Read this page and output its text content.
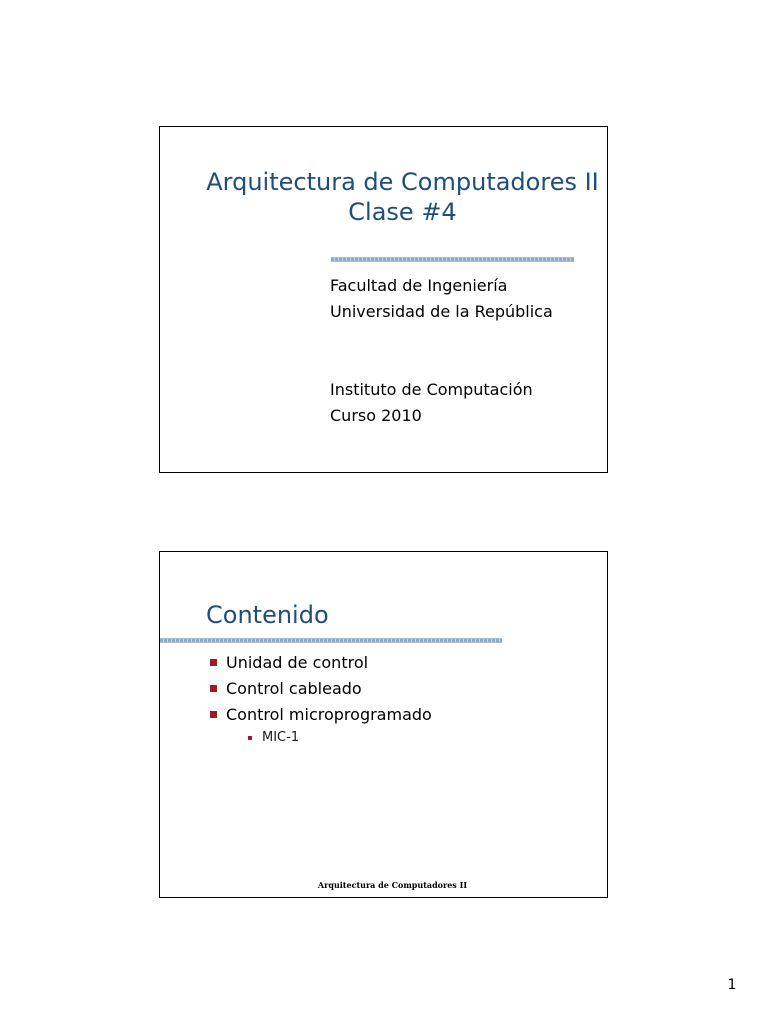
Arquitectura de Computadores II
Clase #4
Facultad de Ingeniería
Universidad de la República
Instituto de Computación
Curso 2010
Contenido
Unidad de control
Control cableado
Control microprogramado
MIC-1
Arquitectura de Computadores II
1
